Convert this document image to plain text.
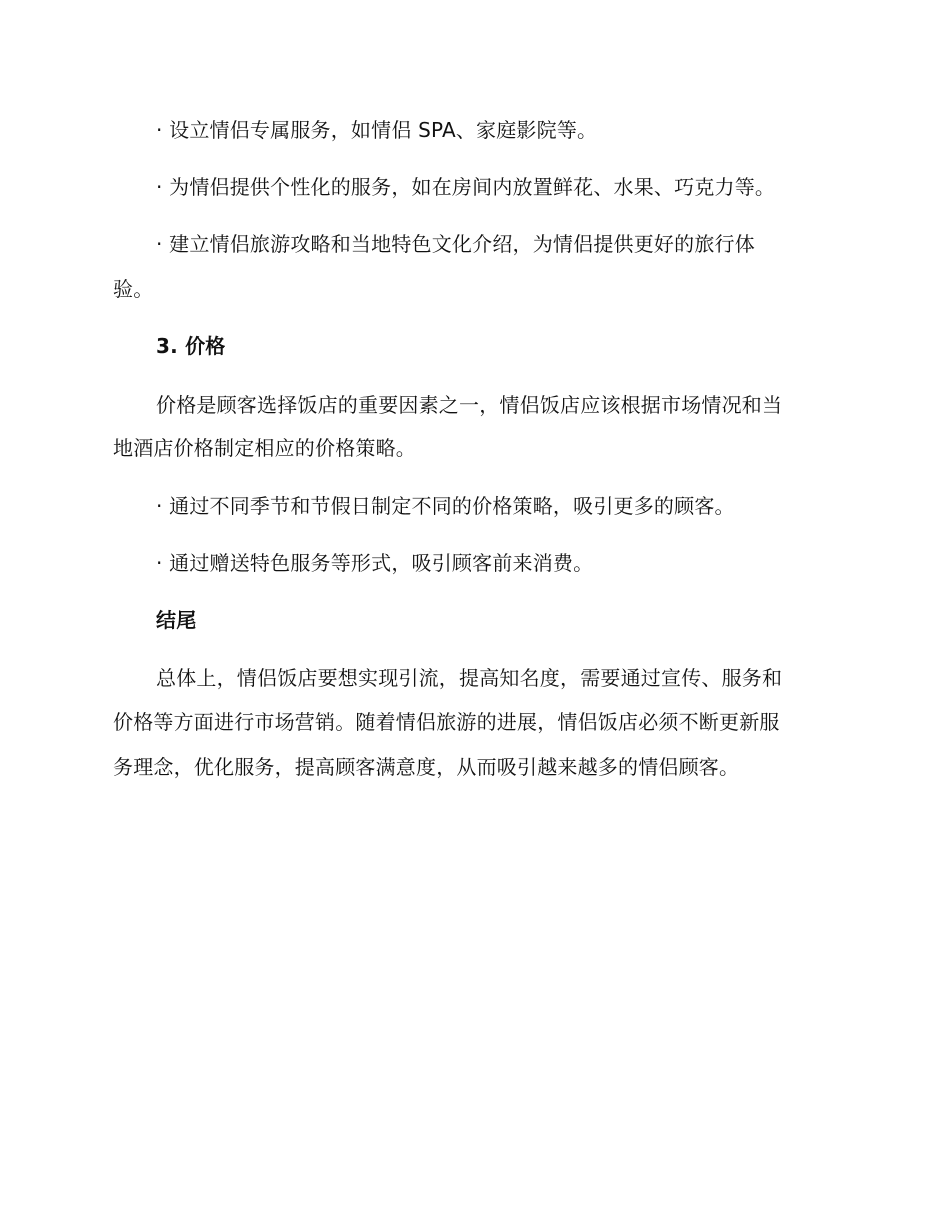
· 设立情侣专属服务，如情侣 SPA、家庭影院等。
· 为情侣提供个性化的服务，如在房间内放置鲜花、水果、巧克力等。
· 建立情侣旅游攻略和当地特色文化介绍，为情侣提供更好的旅行体
验。
3. 价格
价格是顾客选择饭店的重要因素之一，情侣饭店应该根据市场情况和当
地酒店价格制定相应的价格策略。
· 通过不同季节和节假日制定不同的价格策略，吸引更多的顾客。
· 通过赠送特色服务等形式，吸引顾客前来消费。
结尾
总体上，情侣饭店要想实现引流，提高知名度，需要通过宣传、服务和
价格等方面进行市场营销。随着情侣旅游的进展，情侣饭店必须不断更新服
务理念，优化服务，提高顾客满意度，从而吸引越来越多的情侣顾客。
